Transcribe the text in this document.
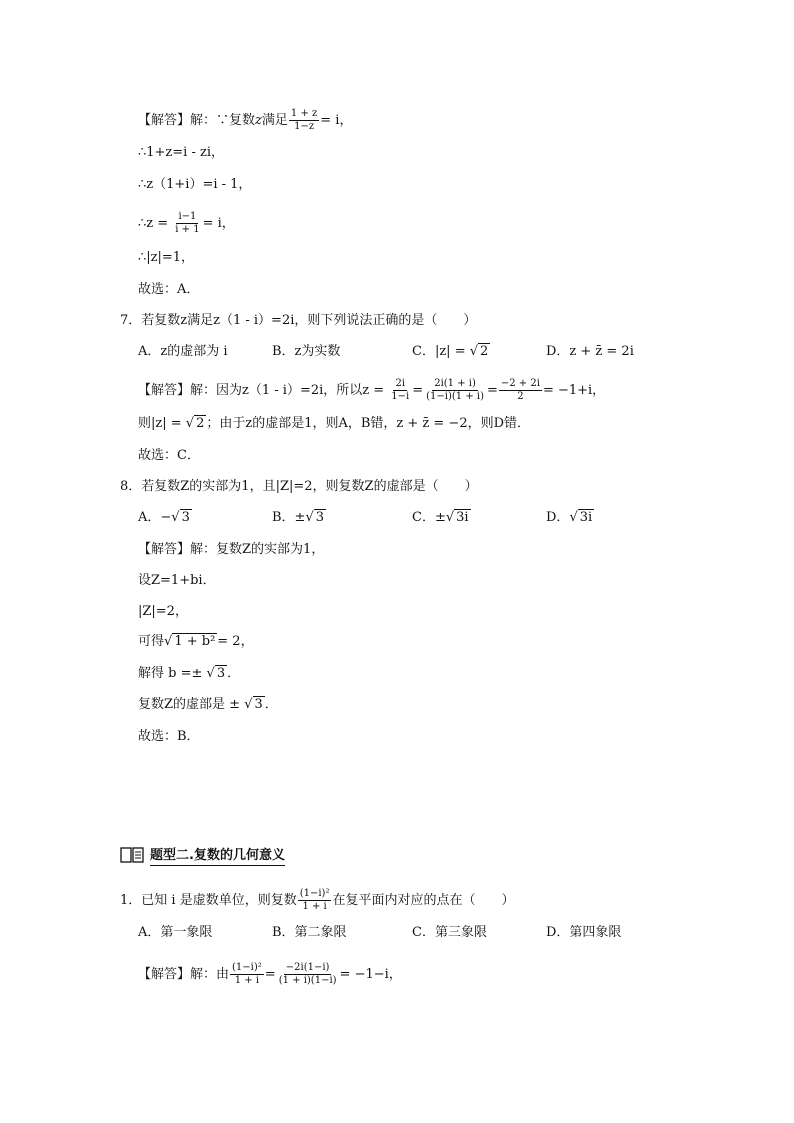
【解答】解：∵复数z满足 $\frac{1 + z}{1-z} = i$，
∴1+z=i - zi，
∴z（1+i）=i - 1，
∴z = $\frac{i-1}{i + 1} = i$，
∴|z|=1，
故选：A．
7．若复数z满足z（1 - i）=2i，则下列说法正确的是（　　）
A．z的虚部为 i	B．z为实数	C．|z| = √ 2	D．z + z̄ = 2i
【解答】解：因为z（1 - i）=2i，所以$z = \frac{2i}{1-i} = \frac{2i(1 + i)}{(1-i)(1 + i)} = \frac{-2 + 2i}{2} = -1+i$，
则|z| = √ 2 ；由于z的虚部是1，则A，B错，z + z̄ = −2，则D错．
故选：C．
8．若复数Z的实部为1，且|Z|=2，则复数Z的虚部是（　　）
A．−√ 3	B．±√ 3	C．±√ 3i	D．√ 3i
【解答】解：复数Z的实部为1，
设Z=1+bi．
|Z|=2，
可得√ 1 + b² = 2，
解得 b =± √ 3 ．
复数Z的虚部是 ± √ 3 ．
故选：B．
题型二.复数的几何意义
1．已知 i 是虚数单位，则复数 $\frac{\text{(1−i)²}}{1 + i}$ 在复平面内对应的点在（　　）
A．第一象限	B．第二象限	C．第三象限	D．第四象限
【解答】解：由 $\frac{\text{(1−i)²}}{1 + i} = \frac{-2i(1-i)}{(1 + i)(1-i)} = -1-i$，
